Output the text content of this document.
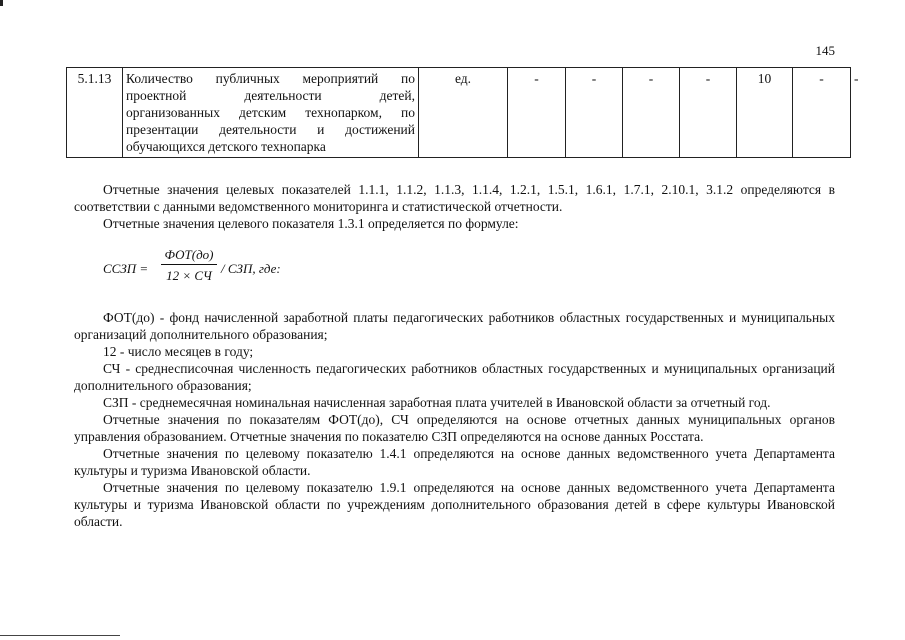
145
5.1.13	Количество публичных мероприятий по
проектной деятельности детей,
организованных детским технопарком, по
презентации деятельности и достижений
обучающихся детского технопарка
	ед.	-	-	-	-	10	-	-

Отчетные значения целевых показателей 1.1.1, 1.1.2, 1.1.3, 1.1.4, 1.2.1, 1.5.1, 1.6.1, 1.7.1, 2.10.1, 3.1.2 определяются в соответствии с данными ведомственного мониторинга и статистической отчетности.

Отчетные значения целевого показателя 1.3.1 определяется по формуле:

ССЗП =
ФОТ(до)
12 × СЧ / СЗП, где:

ФОТ(до) - фонд начисленной заработной платы педагогических работников областных государственных и муниципальных организаций дополнительного образования;

12 - число месяцев в году;

СЧ - среднесписочная численность педагогических работников областных государственных и муниципальных организаций дополнительного образования;

СЗП - среднемесячная номинальная начисленная заработная плата учителей в Ивановской области за отчетный год.

Отчетные значения по показателям ФОТ(до), СЧ определяются на основе отчетных данных муниципальных органов управления образованием. Отчетные значения по показателю СЗП определяются на основе данных Росстата.

Отчетные значения по целевому показателю 1.4.1 определяются на основе данных ведомственного учета Департамента культуры и туризма Ивановской области.

Отчетные значения по целевому показателю 1.9.1 определяются на основе данных ведомственного учета Департамента культуры и туризма Ивановской области по учреждениям дополнительного образования детей в сфере культуры Ивановской области.
